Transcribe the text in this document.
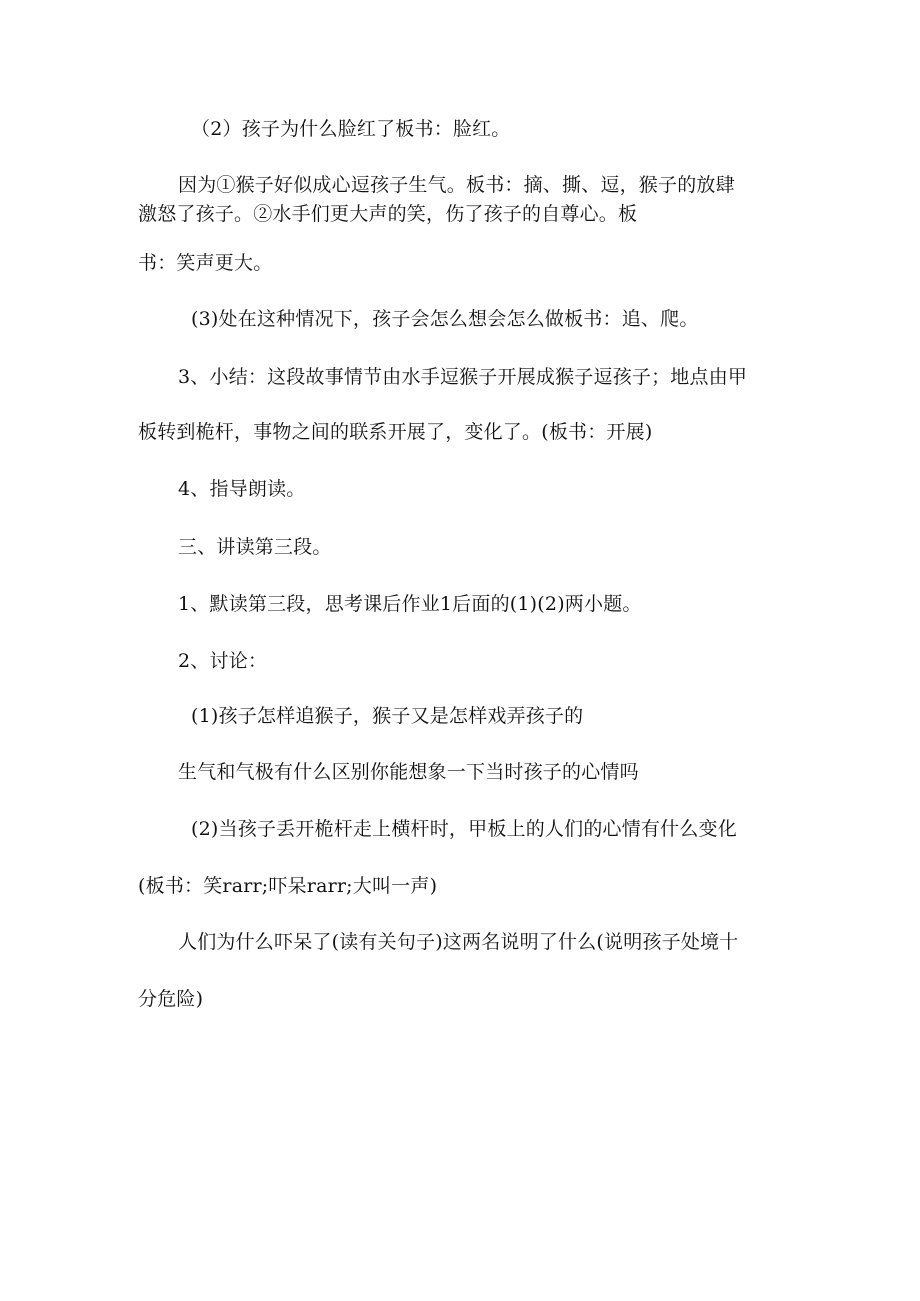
（2）孩子为什么脸红了板书：脸红。
因为①猴子好似成心逗孩子生气。板书：摘、撕、逗，猴子的放肆
激怒了孩子。②水手们更大声的笑，伤了孩子的自尊心。板
书：笑声更大。
(3)处在这种情况下，孩子会怎么想会怎么做板书：追、爬。
3、小结：这段故事情节由水手逗猴子开展成猴子逗孩子；地点由甲
板转到桅杆，事物之间的联系开展了，变化了。(板书：开展)
4、指导朗读。
三、讲读第三段。
1、默读第三段，思考课后作业1后面的(1)(2)两小题。
2、讨论：
(1)孩子怎样追猴子，猴子又是怎样戏弄孩子的
生气和气极有什么区别你能想象一下当时孩子的心情吗
(2)当孩子丢开桅杆走上横杆时，甲板上的人们的心情有什么变化
(板书：笑rarr;吓呆rarr;大叫一声)
人们为什么吓呆了(读有关句子)这两名说明了什么(说明孩子处境十
分危险)
